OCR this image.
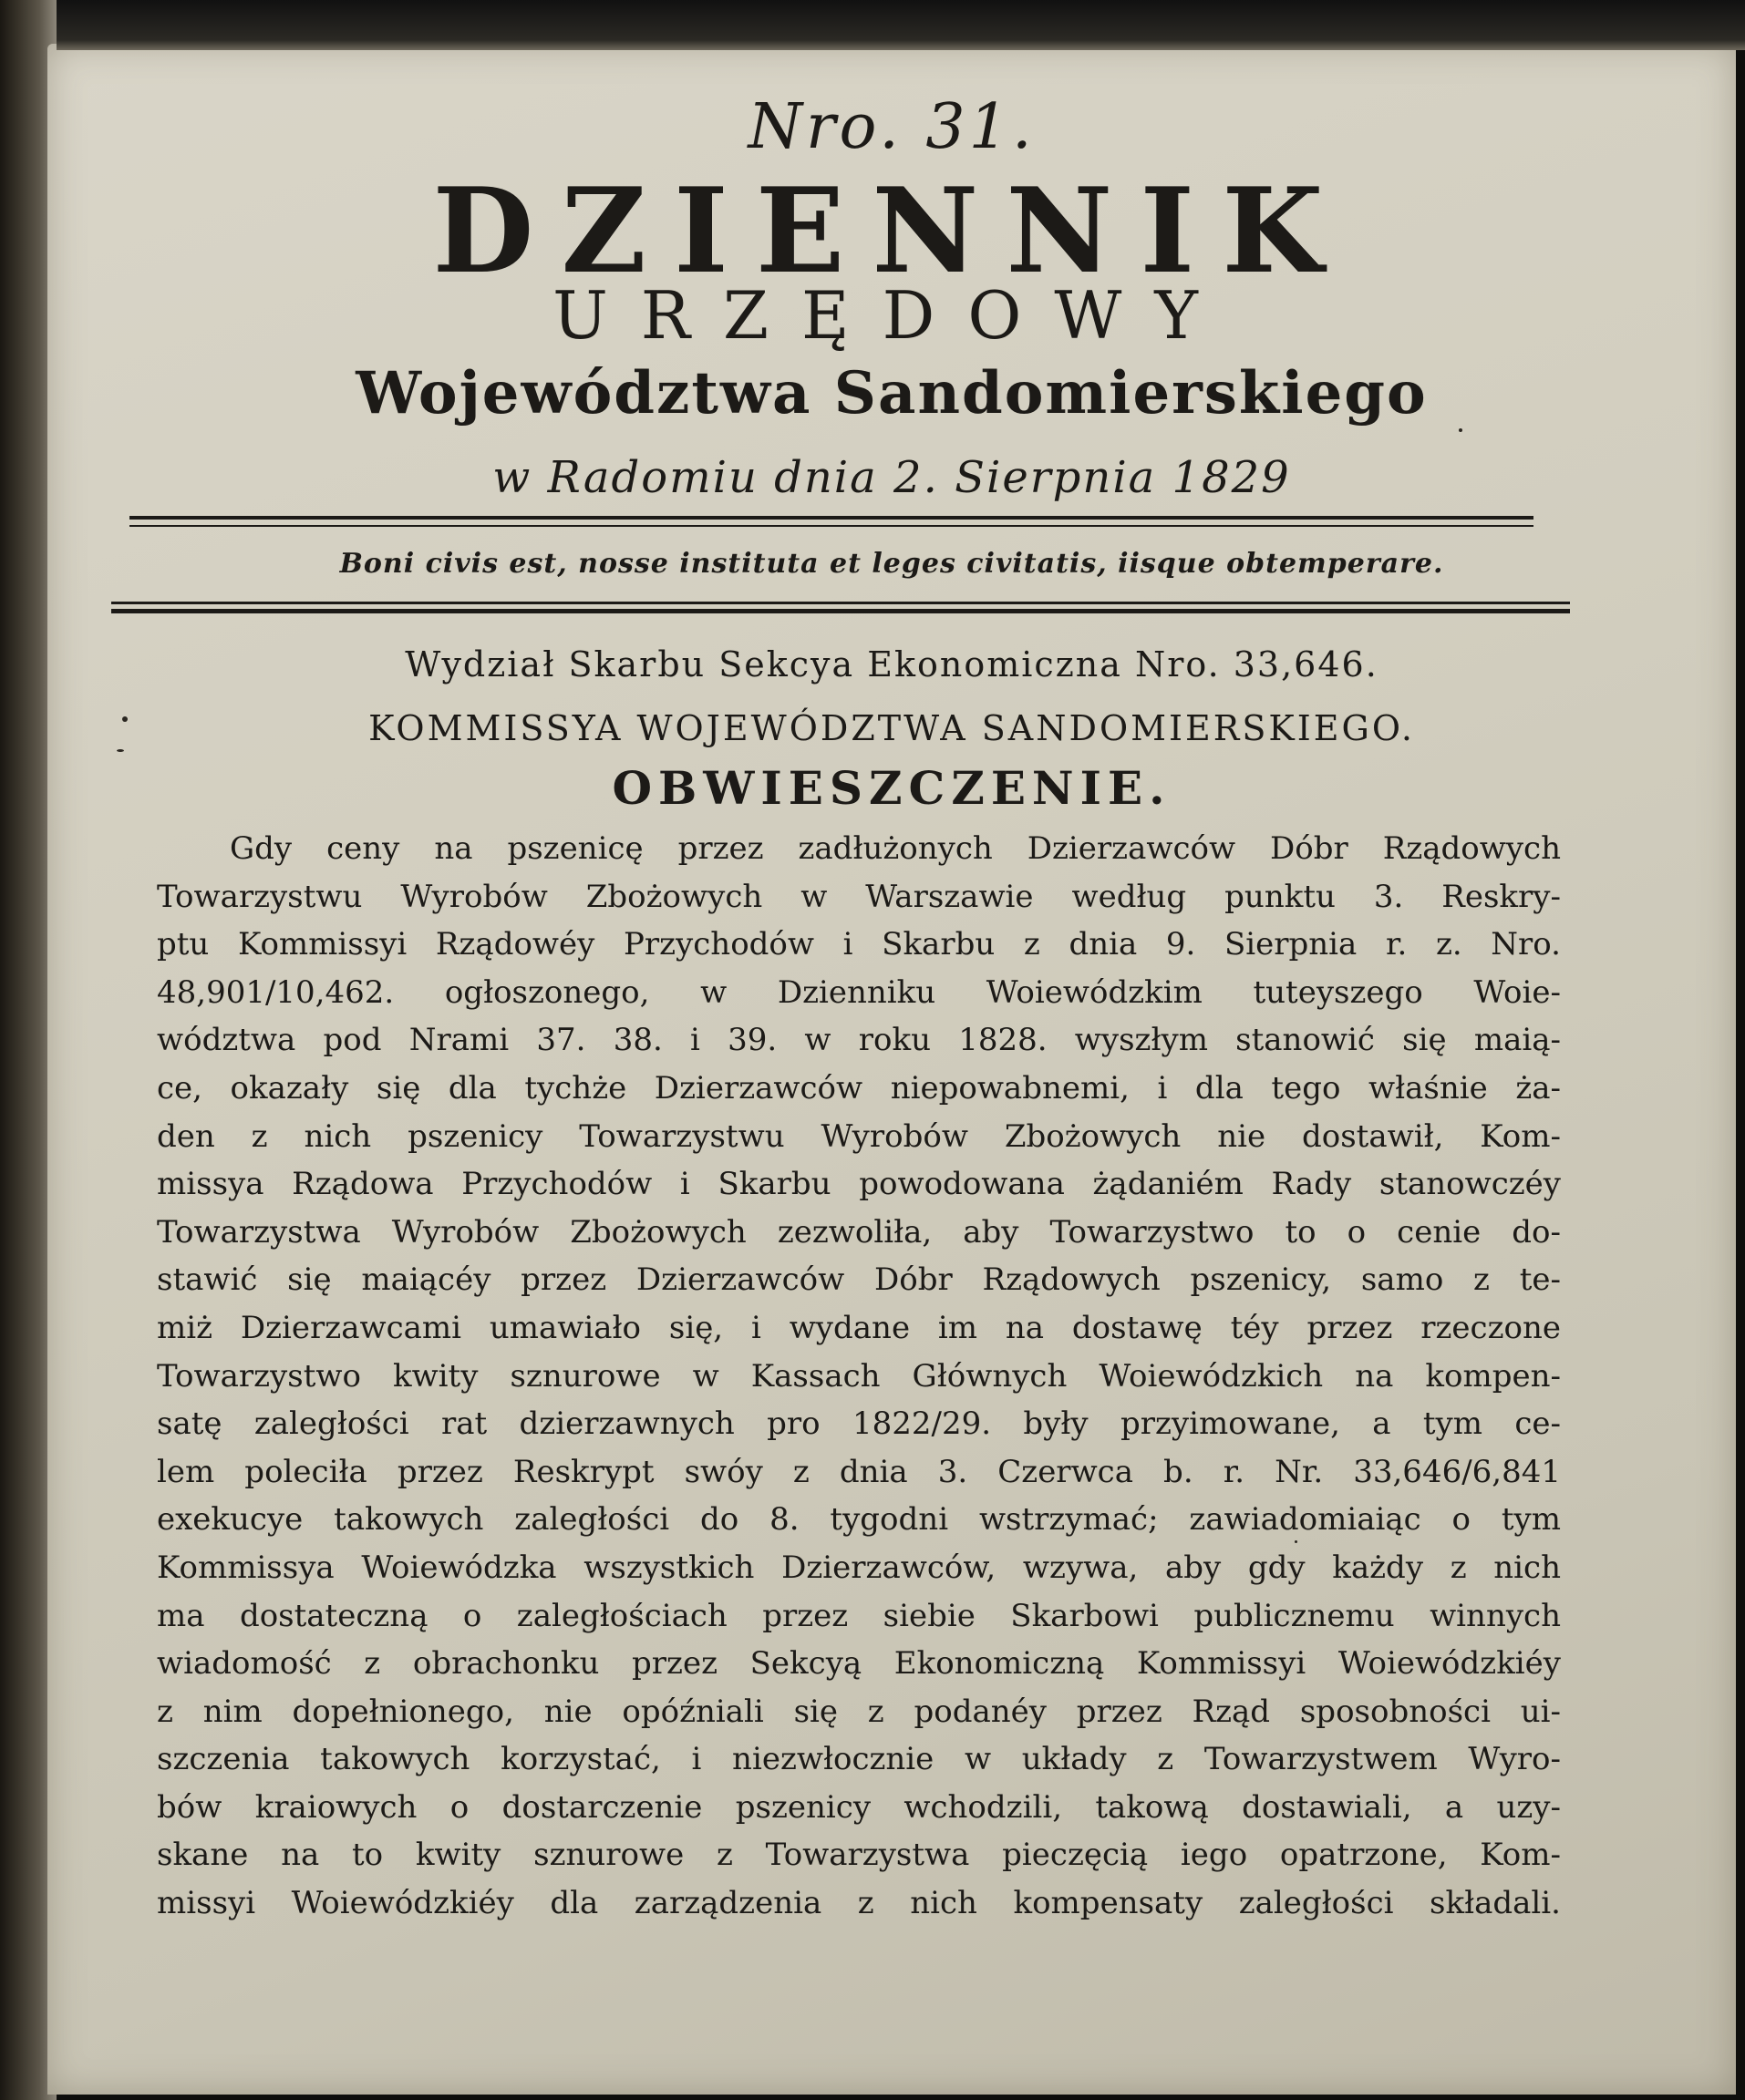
Nro. 31.
DZIENNIK
URZĘDOWY
Województwa Sandomierskiego
w Radomiu dnia 2. Sierpnia 1829
Boni civis est, nosse instituta et leges civitatis, iisque obtemperare.
Wydział Skarbu Sekcya Ekonomiczna Nro. 33,646.
KOMMISSYA WOJEWÓDZTWA SANDOMIERSKIEGO.
OBWIESZCZENIE.
Gdy ceny na pszenicę przez zadłużonych Dzierzawców Dóbr Rządowych
Towarzystwu Wyrobów Zbożowych w Warszawie według punktu 3. Reskry-
ptu Kommissyi Rządowéy Przychodów i Skarbu z dnia 9. Sierpnia r. z. Nro.
48,901/10,462. ogłoszonego, w Dzienniku Woiewódzkim tuteyszego Woie-
wództwa pod Nrami 37. 38. i 39. w roku 1828. wyszłym stanowić się maią-
ce, okazały się dla tychże Dzierzawców niepowabnemi, i dla tego właśnie ża-
den z nich pszenicy Towarzystwu Wyrobów Zbożowych nie dostawił, Kom-
missya Rządowa Przychodów i Skarbu powodowana żądaniém Rady stanowczéy
Towarzystwa Wyrobów Zbożowych zezwoliła, aby Towarzystwo to o cenie do-
stawić się maiącéy przez Dzierzawców Dóbr Rządowych pszenicy, samo z te-
miż Dzierzawcami umawiało się, i wydane im na dostawę téy przez rzeczone
Towarzystwo kwity sznurowe w Kassach Głównych Woiewódzkich na kompen-
satę zaległości rat dzierzawnych pro 1822/29. były przyimowane, a tym ce-
lem poleciła przez Reskrypt swóy z dnia 3. Czerwca b. r. Nr. 33,646/6,841
exekucye takowych zaległości do 8. tygodni wstrzymać; zawiadomiaiąc o tym
Kommissya Woiewódzka wszystkich Dzierzawców, wzywa, aby gdy każdy z nich
ma dostateczną o zaległościach przez siebie Skarbowi publicznemu winnych
wiadomość z obrachonku przez Sekcyą Ekonomiczną Kommissyi Woiewódzkiéy
z nim dopełnionego, nie opóźniali się z podanéy przez Rząd sposobności ui-
szczenia takowych korzystać, i niezwłocznie w układy z Towarzystwem Wyro-
bów kraiowych o dostarczenie pszenicy wchodzili, takową dostawiali, a uzy-
skane na to kwity sznurowe z Towarzystwa pieczęcią iego opatrzone, Kom-
missyi Woiewódzkiéy dla zarządzenia z nich kompensaty zaległości składali.
